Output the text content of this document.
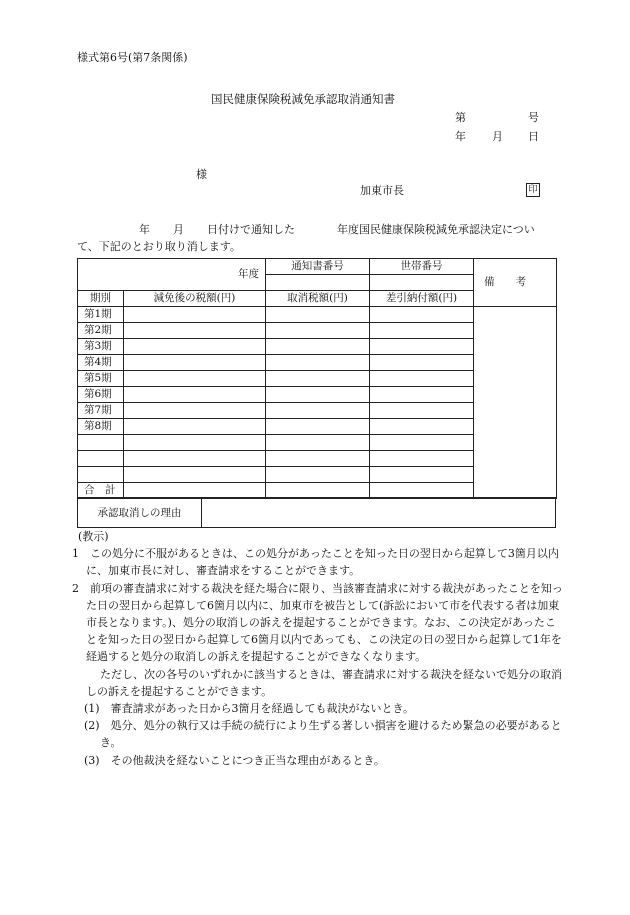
様式第6号(第7条関係)
国民健康保険税減免承認取消通知書
第	号
年 月 日
様
加東市長	印
年 月 日付けで通知した	年度国民健康保険税減免承認決定につい
て、下記のとおり取り消します。
年度		通知書番号	世帯番号	備　　考

期別	減免後の税額(円)	取消税額(円)	差引納付額(円)	
第1期				
第2期				
第3期				
第4期				
第5期				
第6期				
第7期				
第8期				

合　計				
承認取消しの理由	

(教示)

1　 この処分に不服があるときは、この処分があったことを知った日の翌日から起算して3箇月以内に、加東市長に対し、審査請求をすることができます。

2　 前項の審査請求に対する裁決を経た場合に限り、当該審査請求に対する裁決があったことを知った日の翌日から起算して6箇月以内に、加東市を被告として(訴訟において市を代表する者は加東市長となります。)、処分の取消しの訴えを提起することができます。なお、この決定があったことを知った日の翌日から起算して6箇月以内であっても、この決定の日の翌日から起算して1年を経過すると処分の取消しの訴えを提起することができなくなります。

ただし、次の各号のいずれかに該当するときは、審査請求に対する裁決を経ないで処分の取消しの訴えを提起することができます。

(1)　審査請求があった日から3箇月を経過しても裁決がないとき。

(2)　処分、処分の執行又は手続の続行により生ずる著しい損害を避けるため緊急の必要があるとき。

(3)　その他裁決を経ないことにつき正当な理由があるとき。
